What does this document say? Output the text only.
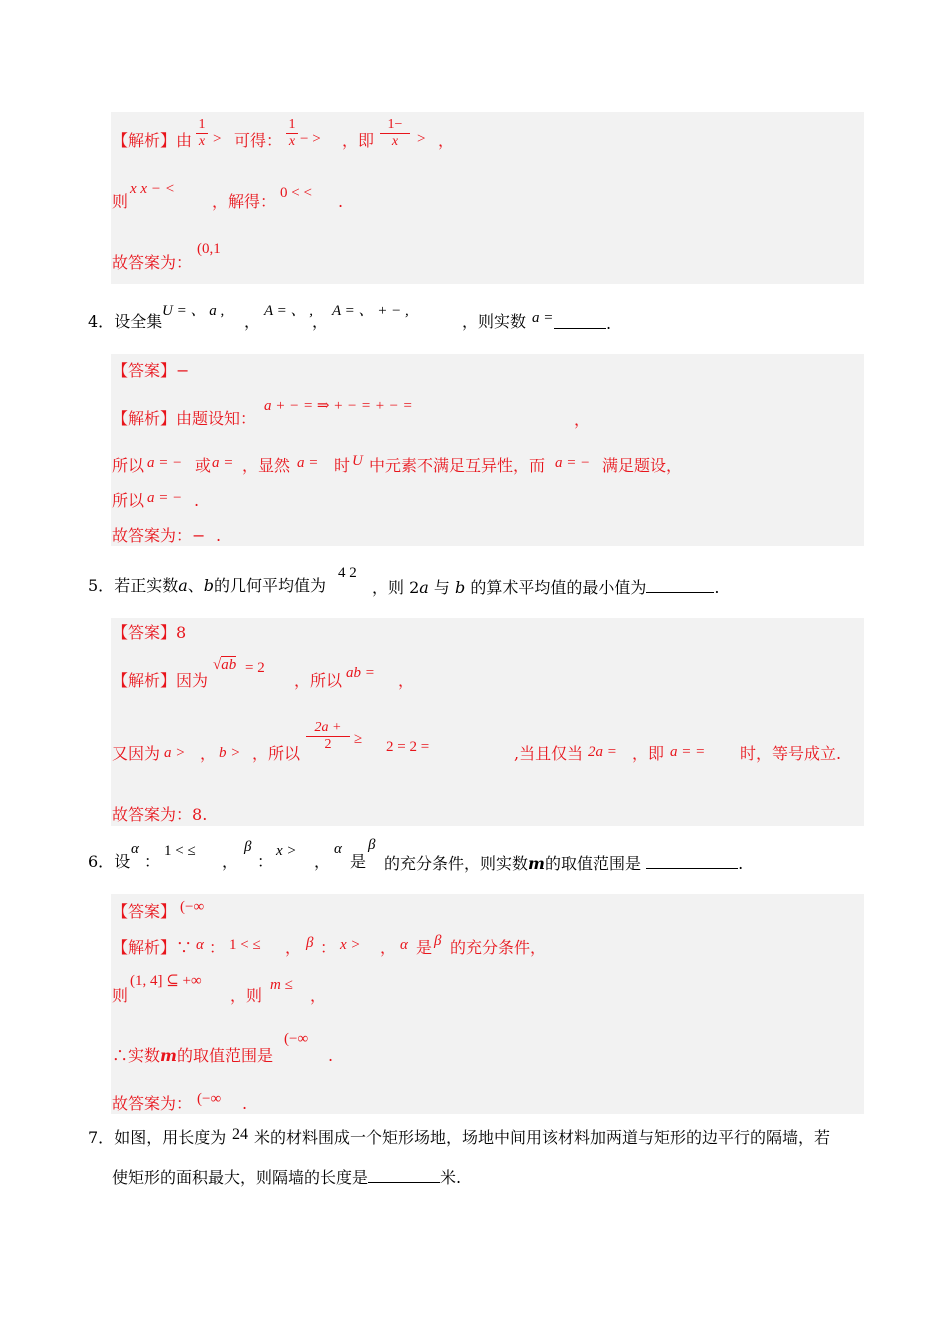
【解析】由 $\frac{1}{x}$ > 可得： $\frac{1}{x}$ − > ，即 $\frac{1-}{x}$ > ，
则
x x − <
，解得： 0 < < .
故答案为：
(0,1
4．设全集
U = 、 a ,
，
A = 、 ,
，
A = 、 + − ,
，则实数 a =	.
【答案】−
【解析】由题设知：
a + − = ⇒ + − = + − =
，
所以 a = − 或 a = ，显然 a = 时 U 中元素不满足互异性，而 a = − 满足题设，
所以 a = − .
故答案为：− .
5．若正实数a、b的几何平均值为
4 2
，则 2a 与 b 的算术平均值的最小值为	.
【答案】8
【解析】因为
√ab = 2
，所以 ab = ，
又因为 a > ， b > ，所以
$\frac{2a +}{2} \ge 2 = 2$ =	,当且仅当 2a = ，即 a = = 时，等号成立.
故答案为：8.
6．设
α
：
1 < ≤
，
β
：
x >
，
α
是
β
的充分条件，则实数m的取值范围是	.
【答案】 (−∞
【解析】∵ α ： 1 < ≤ ， β ： x > ， α 是 β 的充分条件，
则
(1, 4] ⊆ +∞
，则
m ≤
，
∴实数m的取值范围是
(−∞
.
故答案为： (−∞ .
7．如图，用长度为 24 米的材料围成一个矩形场地，场地中间用该材料加两道与矩形的边平行的隔墙，若
使矩形的面积最大，则隔墙的长度是	米.
